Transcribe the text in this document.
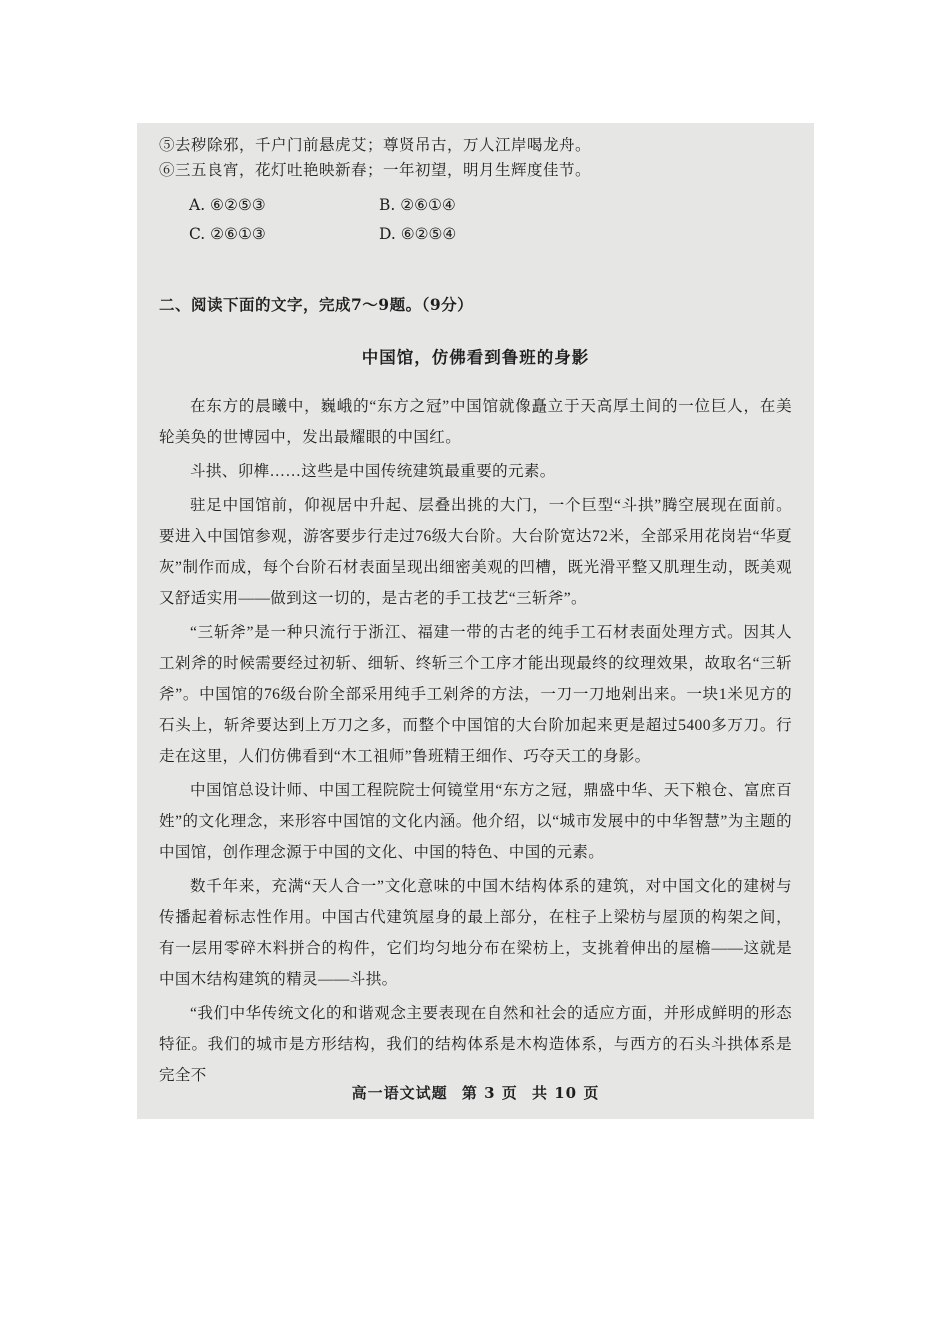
⑤去秽除邪，千户门前悬虎艾；尊贤吊古，万人江岸喝龙舟。
⑥三五良宵，花灯吐艳映新春；一年初望，明月生辉度佳节。
A. ⑥②⑤③	B. ②⑥①④
C. ②⑥①③	D. ⑥②⑤④
二、阅读下面的文字，完成7～9题。（9分）
中国馆，仿佛看到鲁班的身影

在东方的晨曦中，巍峨的“东方之冠”中国馆就像矗立于天高厚土间的一位巨人，在美轮美奂的世博园中，发出最耀眼的中国红。

斗拱、卯榫……这些是中国传统建筑最重要的元素。

驻足中国馆前，仰视居中升起、层叠出挑的大门，一个巨型“斗拱”腾空展现在面前。要进入中国馆参观，游客要步行走过76级大台阶。大台阶宽达72米，全部采用花岗岩“华夏灰”制作而成，每个台阶石材表面呈现出细密美观的凹槽，既光滑平整又肌理生动，既美观又舒适实用——做到这一切的，是古老的手工技艺“三斩斧”。

“三斩斧”是一种只流行于浙江、福建一带的古老的纯手工石材表面处理方式。因其人工剁斧的时候需要经过初斩、细斩、终斩三个工序才能出现最终的纹理效果，故取名“三斩斧”。中国馆的76级台阶全部采用纯手工剁斧的方法，一刀一刀地剁出来。一块1米见方的石头上，斩斧要达到上万刀之多，而整个中国馆的大台阶加起来更是超过5400多万刀。行走在这里，人们仿佛看到“木工祖师”鲁班精王细作、巧夺天工的身影。

中国馆总设计师、中国工程院院士何镜堂用“东方之冠，鼎盛中华、天下粮仓、富庶百姓”的文化理念，来形容中国馆的文化内涵。他介绍，以“城市发展中的中华智慧”为主题的中国馆，创作理念源于中国的文化、中国的特色、中国的元素。

数千年来，充满“天人合一”文化意味的中国木结构体系的建筑，对中国文化的建树与传播起着标志性作用。中国古代建筑屋身的最上部分，在柱子上梁枋与屋顶的构架之间，有一层用零碎木料拼合的构件，它们均匀地分布在梁枋上，支挑着伸出的屋檐——这就是中国木结构建筑的精灵——斗拱。

“我们中华传统文化的和谐观念主要表现在自然和社会的适应方面，并形成鲜明的形态特征。我们的城市是方形结构，我们的结构体系是木构造体系，与西方的石头斗拱体系是完全不

高一语文试题 第 3 页 共 10 页
